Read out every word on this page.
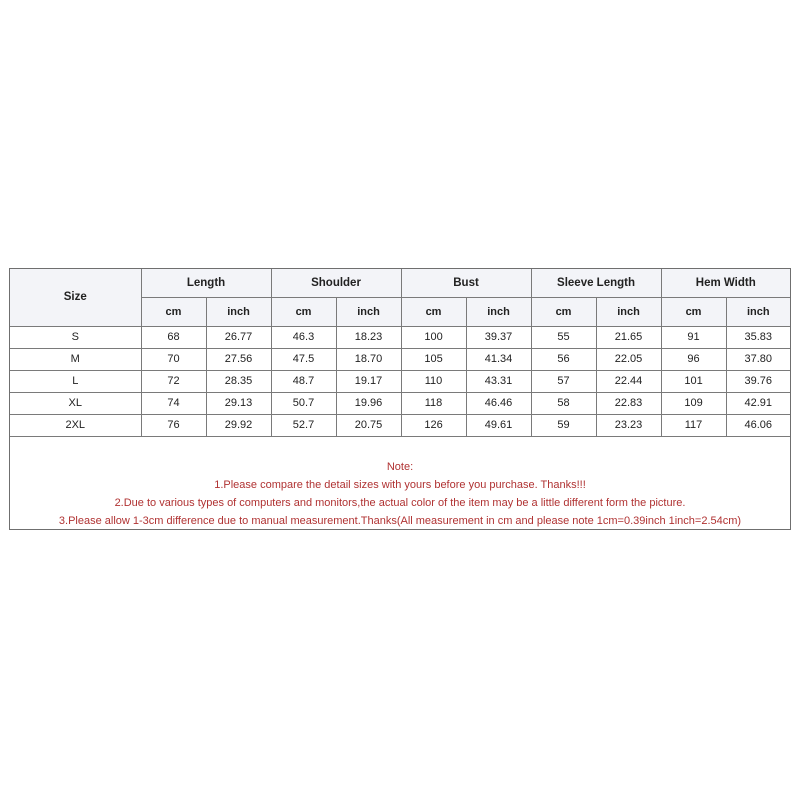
Size	Length		Shoulder		Bust		Sleeve Length		Hem Width	
	cm	inch	cm	inch	cm	inch	cm	inch	cm	inch
S	68	26.77	46.3	18.23	100	39.37	55	21.65	91	35.83
M	70	27.56	47.5	18.70	105	41.34	56	22.05	96	37.80
L	72	28.35	48.7	19.17	110	43.31	57	22.44	101	39.76
XL	74	29.13	50.7	19.96	118	46.46	58	22.83	109	42.91
2XL	76	29.92	52.7	20.75	126	49.61	59	23.23	117	46.06
Note:
1.Please compare the detail sizes with yours before you purchase. Thanks!!!
2.Due to various types of computers and monitors,the actual color of the item may be a little different form the picture.
3.Please allow 1-3cm difference due to manual measurement.Thanks(All measurement in cm and please note 1cm=0.39inch 1inch=2.54cm)
